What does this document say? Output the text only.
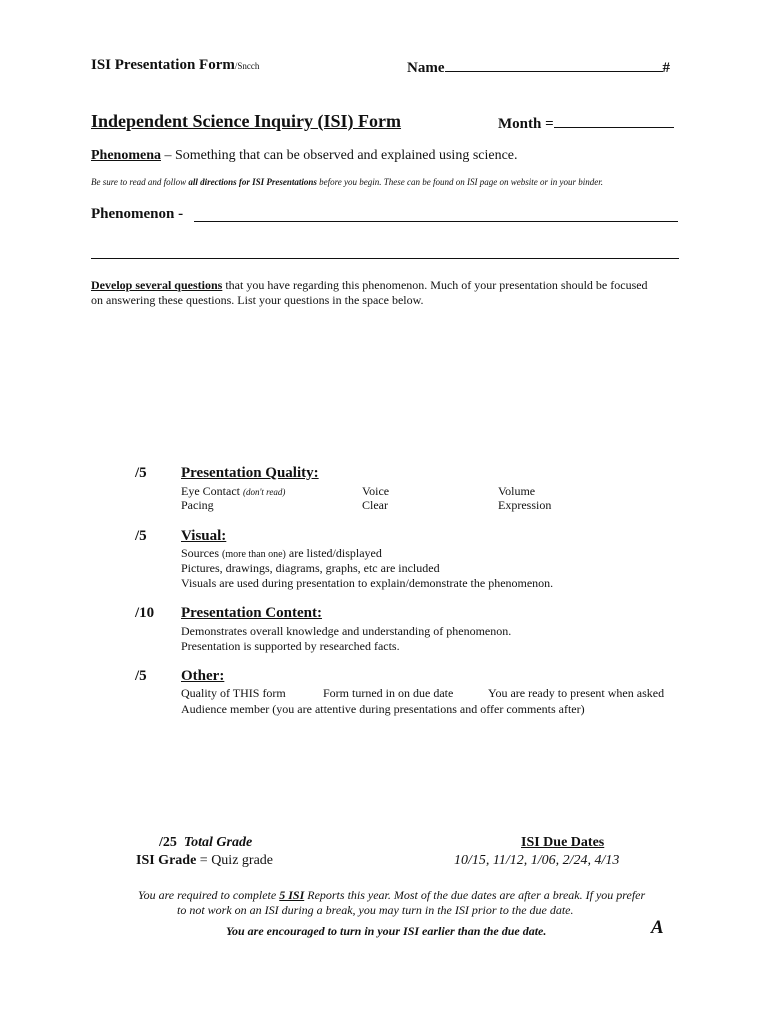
ISI Presentation Form/Sncch	Name	#
Independent Science Inquiry (ISI) Form	Month =
Phenomena – Something that can be observed and explained using science.
Be sure to read and follow all directions for ISI Presentations before you begin. These can be found on ISI page on website or in your binder.
Phenomenon -
Develop several questions that you have regarding this phenomenon. Much of your presentation should be focused
on answering these questions. List your questions in the space below.
/5 Presentation Quality:
Eye Contact (don't read)	Voice	Volume
Pacing	Clear	Expression
/5 Visual:
Sources (more than one) are listed/displayed
Pictures, drawings, diagrams, graphs, etc are included
Visuals are used during presentation to explain/demonstrate the phenomenon.
/10 Presentation Content:
Demonstrates overall knowledge and understanding of phenomenon.
Presentation is supported by researched facts.
/5 Other:
Quality of THIS form	Form turned in on due date	You are ready to present when asked
Audience member (you are attentive during presentations and offer comments after)
/25 Total Grade
ISI Grade = Quiz grade
ISI Due Dates
10/15, 11/12, 1/06, 2/24, 4/13
You are required to complete 5 ISI Reports this year. Most of the due dates are after a break. If you prefer
to not work on an ISI during a break, you may turn in the ISI prior to the due date.
You are encouraged to turn in your ISI earlier than the due date.	A
